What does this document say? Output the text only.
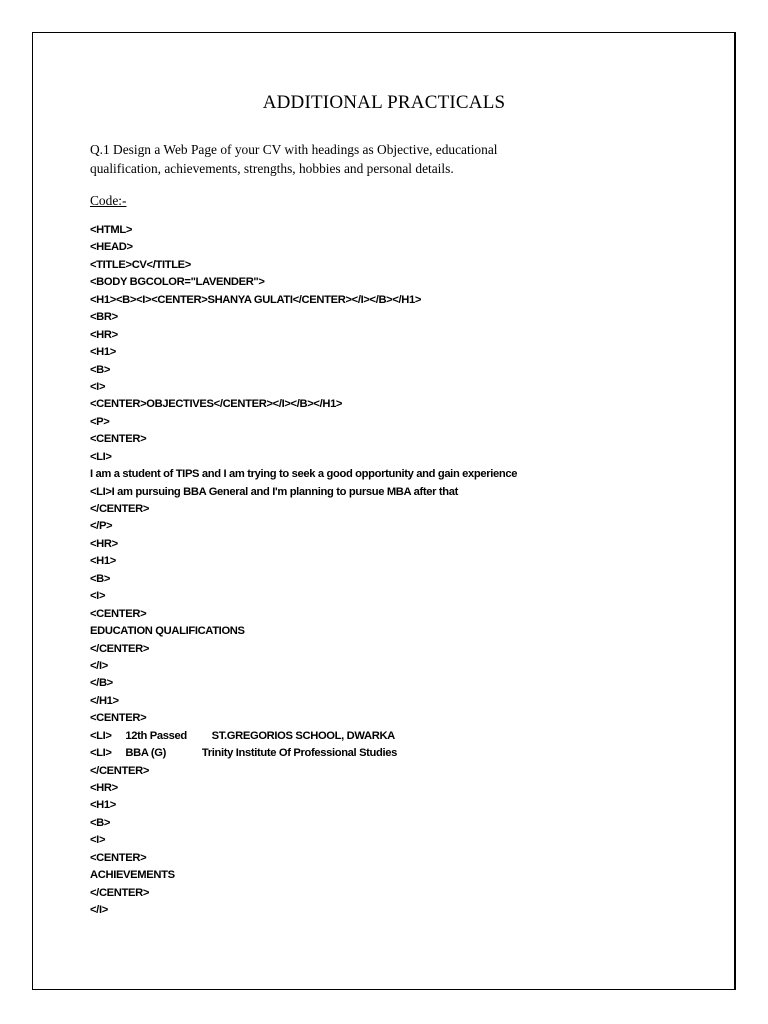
ADDITIONAL PRACTICALS
Q.1 Design a Web Page of your CV with headings as Objective, educational
qualification, achievements, strengths, hobbies and personal details.
Code:-
<HTML>
<HEAD>
<TITLE>CV</TITLE>
<BODY BGCOLOR="LAVENDER">
<H1><B><I><CENTER>SHANYA GULATI</CENTER></I></B></H1>
<BR>
<HR>
<H1>
<B>
<I>
<CENTER>OBJECTIVES</CENTER></I></B></H1>
<P>
<CENTER>
<LI>
I am a student of TIPS and I am trying to seek a good opportunity and gain experience
<LI>I am pursuing BBA General and I'm planning to pursue MBA after that
</CENTER>
</P>
<HR>
<H1>
<B>
<I>
<CENTER>
EDUCATION QUALIFICATIONS
</CENTER>
</I>
</B>
</H1>
<CENTER>
<LI>     12th Passed         ST.GREGORIOS SCHOOL, DWARKA
<LI>     BBA (G)             Trinity Institute Of Professional Studies
</CENTER>
<HR>
<H1>
<B>
<I>
<CENTER>
ACHIEVEMENTS
</CENTER>
</I>
